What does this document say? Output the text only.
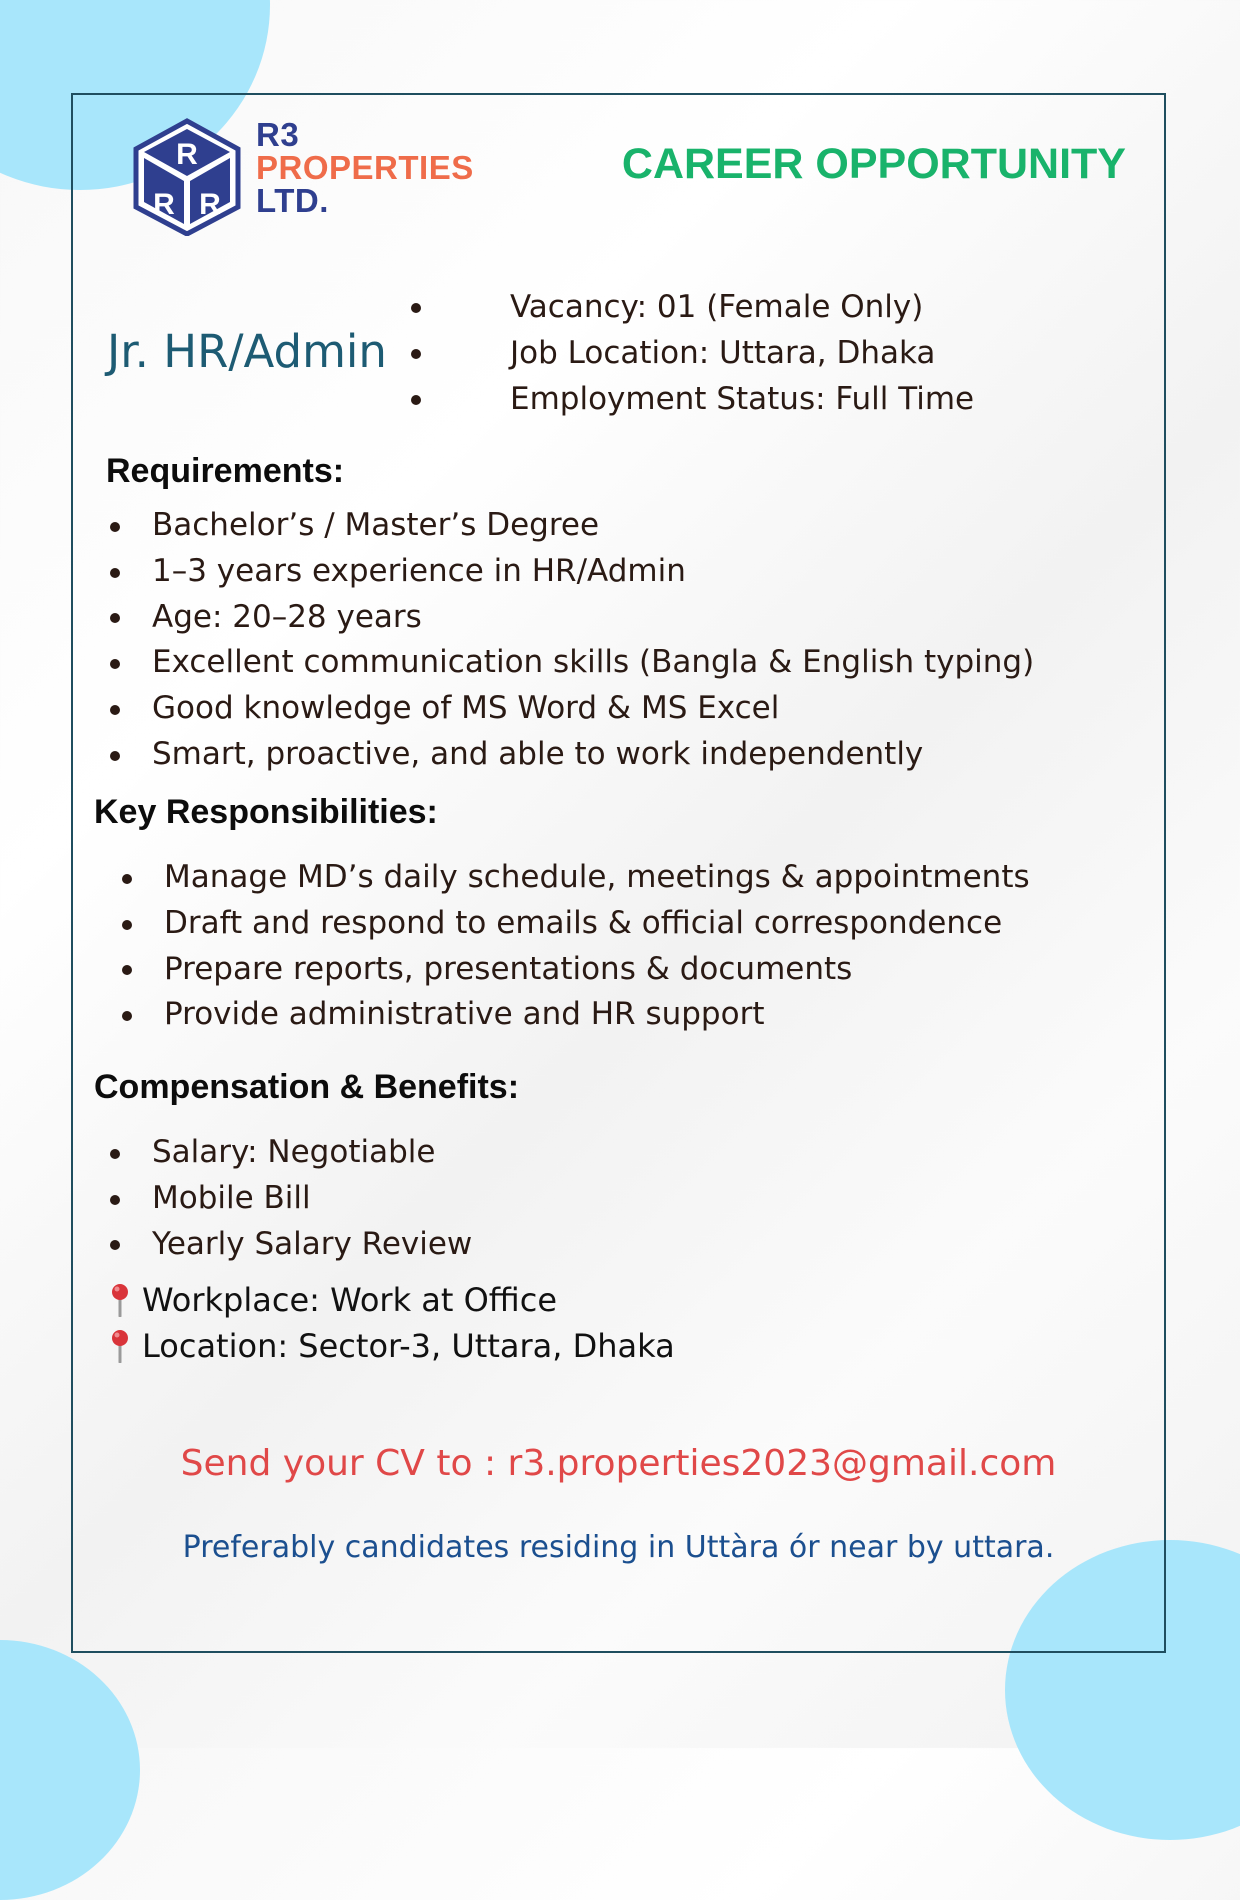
R
R R
R3
PROPERTIES
LTD.
CAREER OPPORTUNITY
Jr. HR/Admin
Vacancy: 01 (Female Only)
Job Location: Uttara, Dhaka
Employment Status: Full Time
Requirements:
Bachelor’s / Master’s Degree
1–3 years experience in HR/Admin
Age: 20–28 years
Excellent communication skills (Bangla & English typing)
Good knowledge of MS Word & MS Excel
Smart, proactive, and able to work independently
Key Responsibilities:
Manage MD’s daily schedule, meetings & appointments
Draft and respond to emails & official correspondence
Prepare reports, presentations & documents
Provide administrative and HR support
Compensation & Benefits:
Salary: Negotiable
Mobile Bill
Yearly Salary Review
Workplace: Work at Office
Location: Sector-3, Uttara, Dhaka
Send your CV to : r3.properties2023@gmail.com
Preferably candidates residing in Uttàra ór near by uttara.
